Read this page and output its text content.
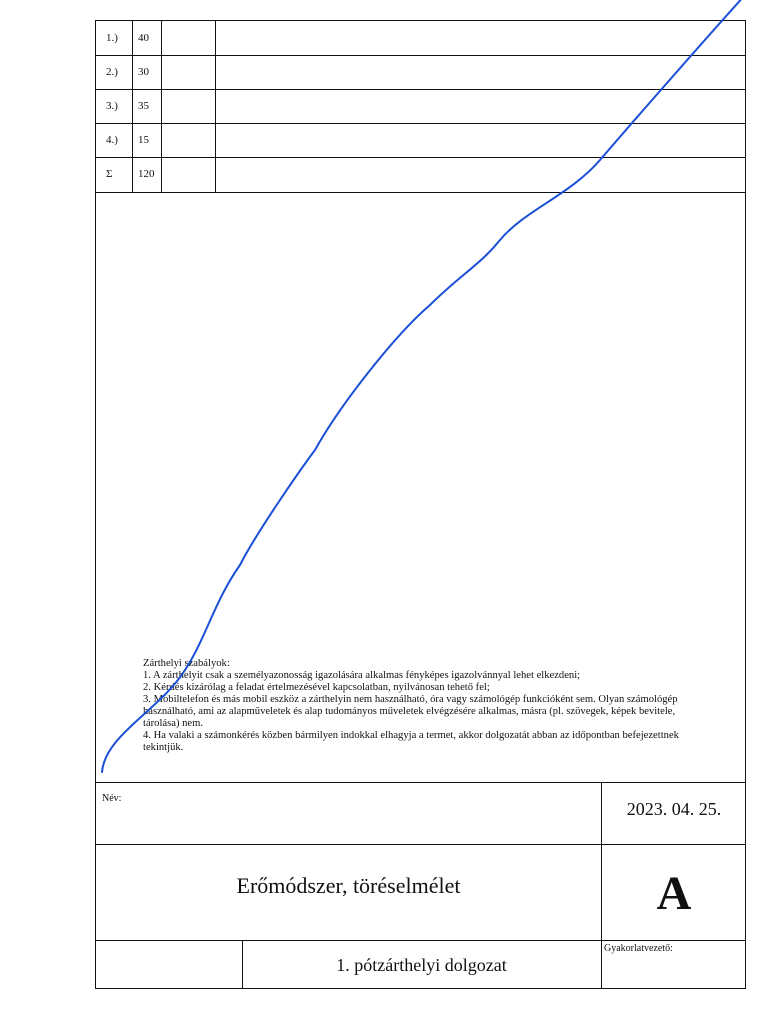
1.) 40
2.) 30
3.) 35
4.) 15
Σ 120
Zárthelyi szabályok:
1. A zárthelyit csak a személyazonosság igazolására alkalmas fényképes igazolvánnyal lehet elkezdeni;
2. Kérdés kizárólag a feladat értelmezésével kapcsolatban, nyilvánosan tehető fel;
3. Mobiltelefon és más mobil eszköz a zárthelyin nem használható, óra vagy számológép funkcióként sem. Olyan számológép használható, ami az alapműveletek és alap tudományos műveletek elvégzésére alkalmas, másra (pl. szövegek, képek bevitele, tárolása) nem.
4. Ha valaki a számonkérés közben bármilyen indokkal elhagyja a termet, akkor dolgozatát abban az időpontban befejezettnek tekintjük.
Név:
2023. 04. 25.
Erőmódszer, töréselmélet	A
1. pótzárthelyi dolgozat
Gyakorlatvezető:
